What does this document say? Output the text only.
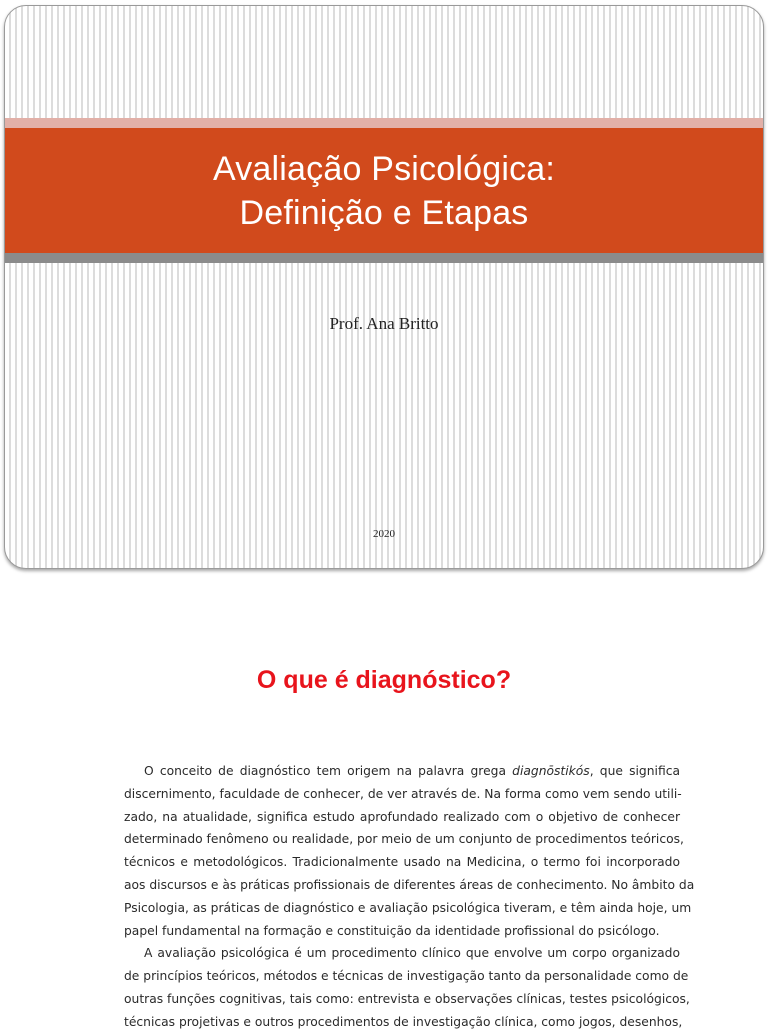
Avaliação Psicológica:
Definição e Etapas
Prof. Ana Britto
2020
O que é diagnóstico?
O conceito de diagnóstico tem origem na palavra grega diagnōstikós, que significa
discernimento, faculdade de conhecer, de ver através de. Na forma como vem sendo utili-
zado, na atualidade, significa estudo aprofundado realizado com o objetivo de conhecer
determinado fenômeno ou realidade, por meio de um conjunto de procedimentos teóricos,
técnicos e metodológicos. Tradicionalmente usado na Medicina, o termo foi incorporado
aos discursos e às práticas profissionais de diferentes áreas de conhecimento. No âmbito da
Psicologia, as práticas de diagnóstico e avaliação psicológica tiveram, e têm ainda hoje, um
papel fundamental na formação e constituição da identidade profissional do psicólogo.
A avaliação psicológica é um procedimento clínico que envolve um corpo organizado
de princípios teóricos, métodos e técnicas de investigação tanto da personalidade como de
outras funções cognitivas, tais como: entrevista e observações clínicas, testes psicológicos,
técnicas projetivas e outros procedimentos de investigação clínica, como jogos, desenhos,
